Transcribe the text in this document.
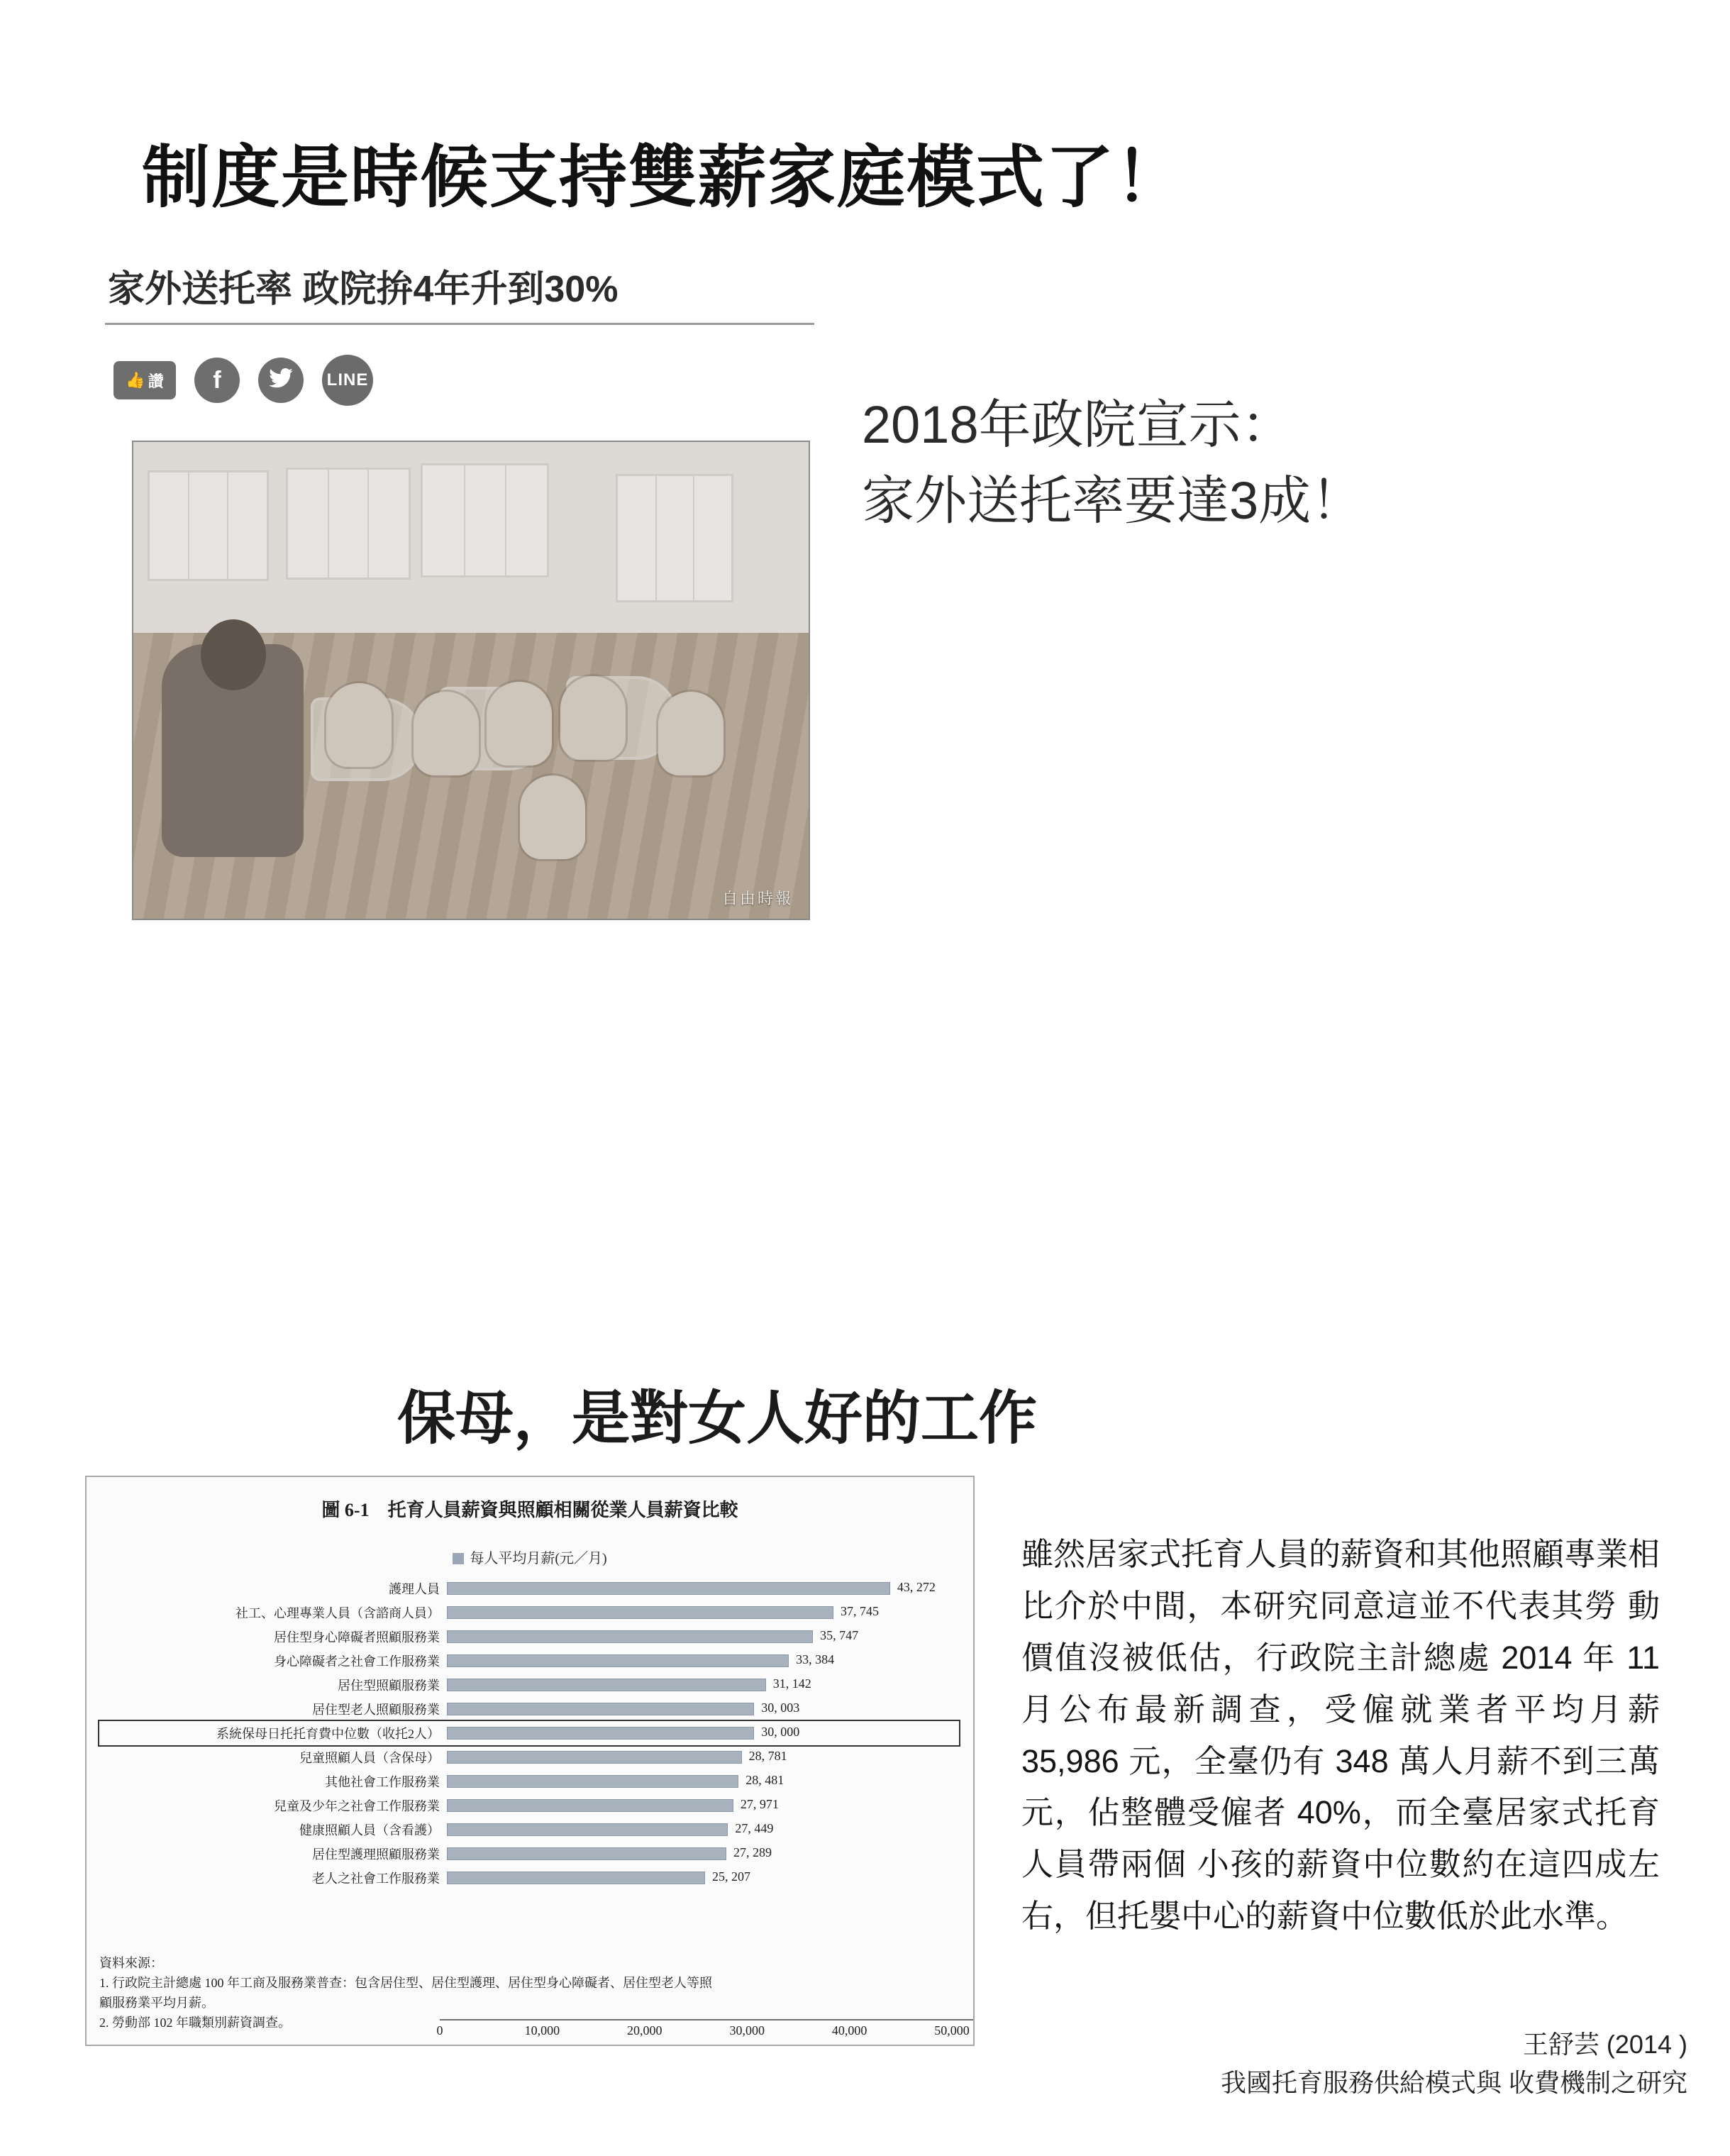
制度是時候支持雙薪家庭模式了！
家外送托率 政院拚4年升到30%
👍 讚 f	LINE
自由時報
2018年政院宣示：
家外送托率要達3成！
保母，是對女人好的工作
圖 6-1　托育人員薪資與照顧相關從業人員薪資比較
每人平均月薪(元／月)
護理人員	43, 272
社工、心理專業人員（含諮商人員）	37, 745
居住型身心障礙者照顧服務業	35, 747
身心障礙者之社會工作服務業	33, 384
居住型照顧服務業	31, 142
居住型老人照顧服務業	30, 003
系統保母日托托育費中位數（收托2人）	30, 000
兒童照顧人員（含保母）	28, 781
其他社會工作服務業	28, 481
兒童及少年之社會工作服務業	27, 971
健康照顧人員（含看護）	27, 449
居住型護理照顧服務業	27, 289
老人之社會工作服務業	25, 207
0	10,000	20,000	30,000	40,000	50,000
資料來源：
1. 行政院主計總處 100 年工商及服務業普查：包含居住型、居住型護理、居住型身心障礙者、居住型老人等照
顧服務業平均月薪。
2. 勞動部 102 年職類別薪資調查。

雖然居家式托育人員的薪資和其他照顧專業相比介於中間，本研究同意這並不代表其勞 動價值沒被低估，行政院主計總處 2014 年 11 月公布最新調查，受僱就業者平均月薪 35,986 元，全臺仍有 348 萬人月薪不到三萬元，佔整體受僱者 40%，而全臺居家式托育人員帶兩個 小孩的薪資中位數約在這四成左右，但托嬰中心的薪資中位數低於此水準。

王舒芸 (2014 )
我國托育服務供給模式與 收費機制之研究
